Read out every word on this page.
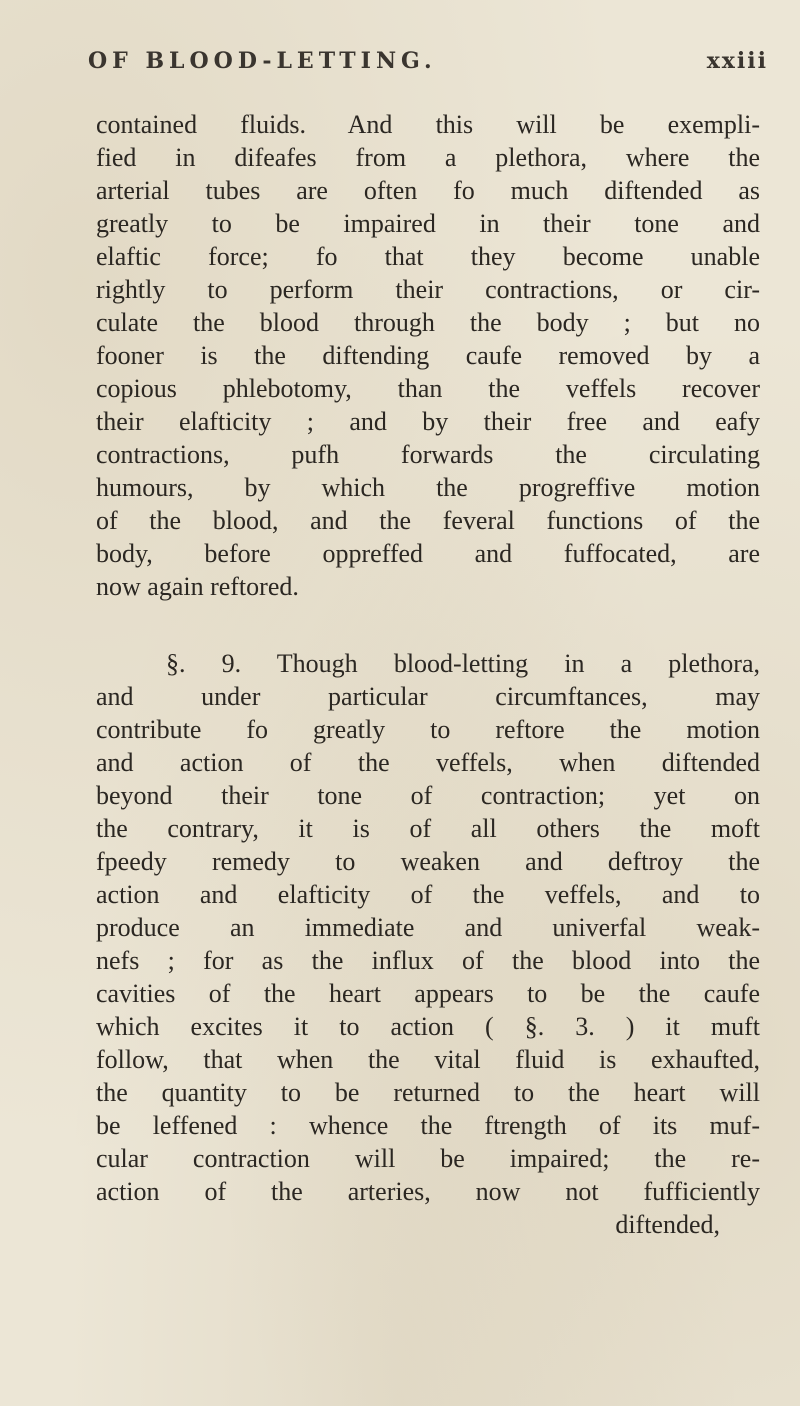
OF BLOOD-LETTING.	xxiii
contained fluids. And this will be exempli-
fied in difeafes from a plethora, where the
arterial tubes are often fo much diftended as
greatly to be impaired in their tone and
elaftic force; fo that they become unable
rightly to perform their contractions, or cir-
culate the blood through the body ; but no
fooner is the diftending caufe removed by a
copious phlebotomy, than the veffels recover
their elafticity ; and by their free and eafy
contractions, pufh forwards the circulating
humours, by which the progreffive motion
of the blood, and the feveral functions of the
body, before oppreffed and fuffocated, are
now again reftored.
§. 9. Though blood-letting in a plethora,
and under particular circumftances, may
contribute fo greatly to reftore the motion
and action of the veffels, when diftended
beyond their tone of contraction; yet on
the contrary, it is of all others the moft
fpeedy remedy to weaken and deftroy the
action and elafticity of the veffels, and to
produce an immediate and univerfal weak-
nefs ; for as the influx of the blood into the
cavities of the heart appears to be the caufe
which excites it to action ( §. 3. ) it muft
follow, that when the vital fluid is exhaufted,
the quantity to be returned to the heart will
be leffened : whence the ftrength of its muf-
cular contraction will be impaired; the re-
action of the arteries, now not fufficiently
diftended,
